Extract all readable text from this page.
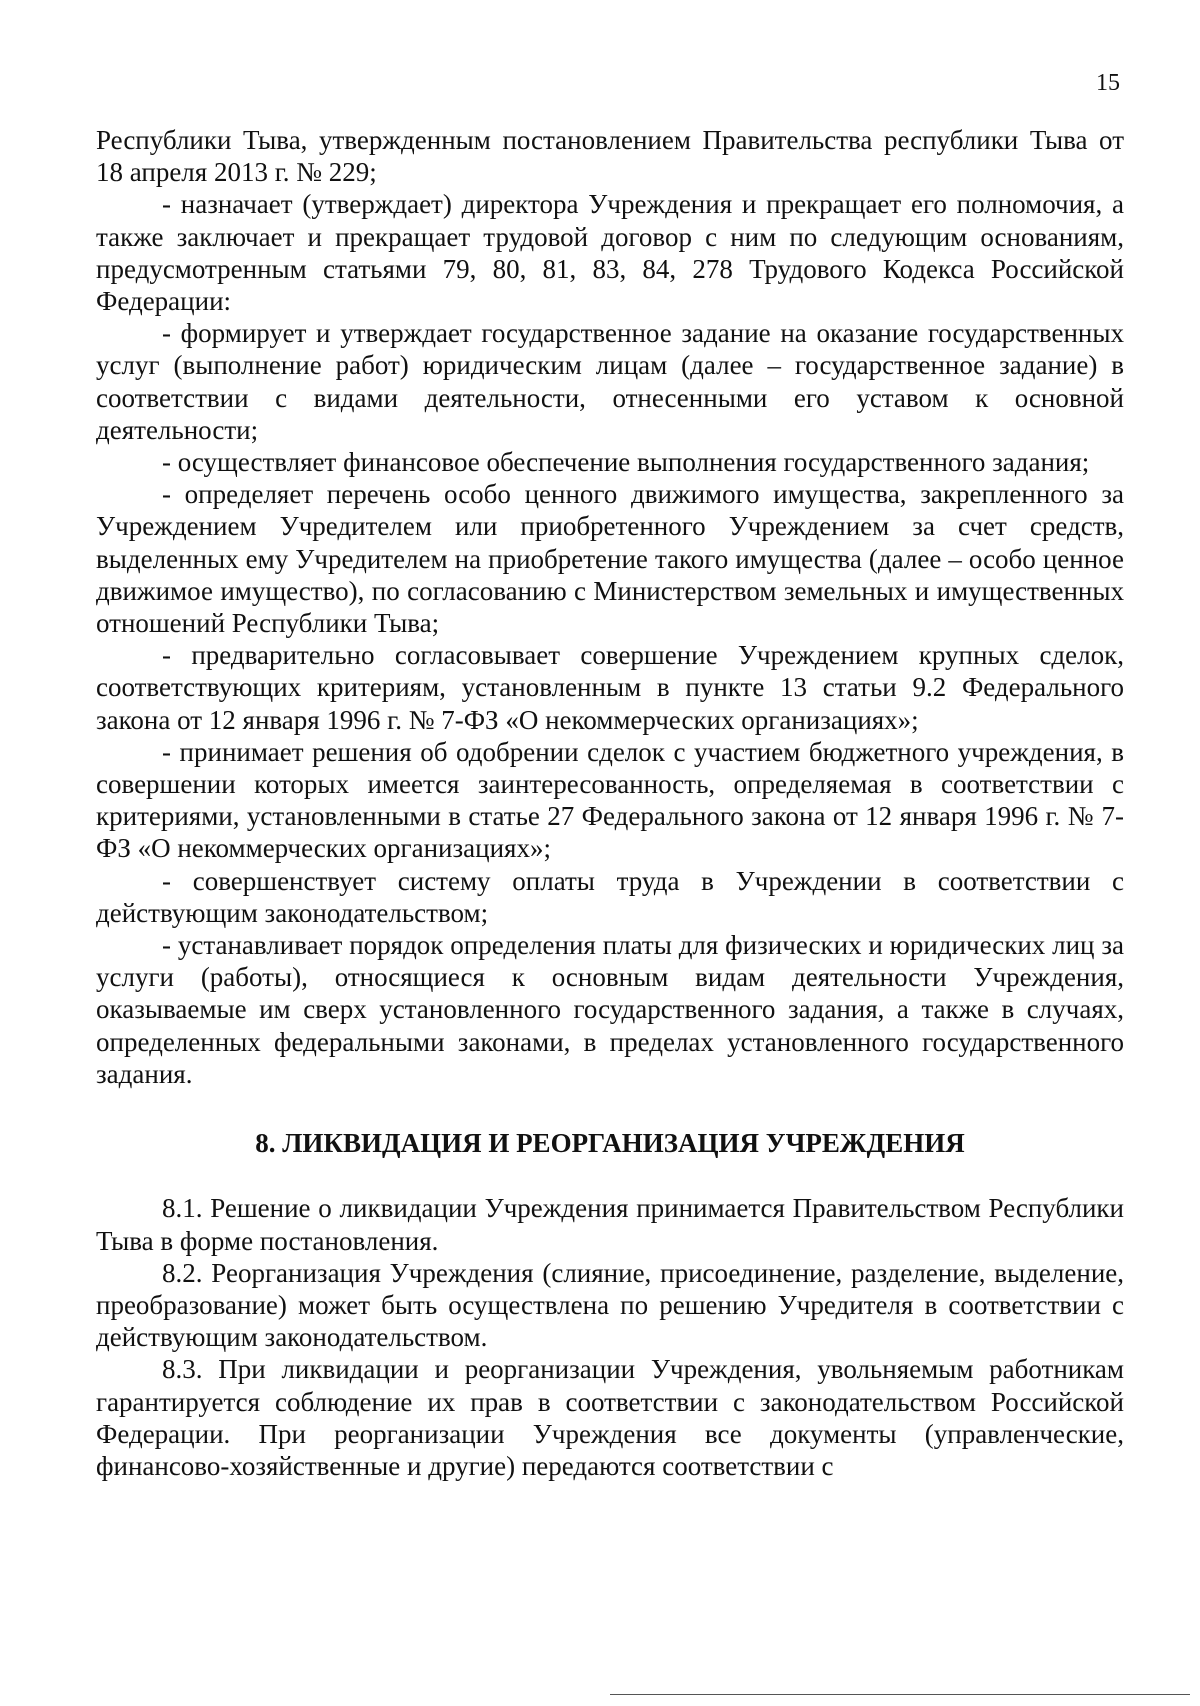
15

Республики Тыва, утвержденным постановлением Правительства республики Тыва от 18 апреля 2013 г. № 229;

- назначает (утверждает) директора Учреждения и прекращает его полномочия, а также заключает и прекращает трудовой договор с ним по следующим основаниям, предусмотренным статьями 79, 80, 81, 83, 84, 278 Трудового Кодекса Российской Федерации:

- формирует и утверждает государственное задание на оказание государственных услуг (выполнение работ) юридическим лицам (далее – государственное задание) в соответствии с видами деятельности, отнесенными его уставом к основной деятельности;

- осуществляет финансовое обеспечение выполнения государственного задания;

- определяет перечень особо ценного движимого имущества, закрепленного за Учреждением Учредителем или приобретенного Учреждением за счет средств, выделенных ему Учредителем на приобретение такого имущества (далее – особо ценное движимое имущество), по согласованию с Министерством земельных и имущественных отношений Республики Тыва;

- предварительно согласовывает совершение Учреждением крупных сделок, соответствующих критериям, установленным в пункте 13 статьи 9.2 Федерального закона от 12 января 1996 г. № 7-ФЗ «О некоммерческих организациях»;

- принимает решения об одобрении сделок с участием бюджетного учреждения, в совершении которых имеется заинтересованность, определяемая в соответствии с критериями, установленными в статье 27 Федерального закона от 12 января 1996 г. № 7-ФЗ «О некоммерческих организациях»;

- совершенствует систему оплаты труда в Учреждении в соответствии с действующим законодательством;

- устанавливает порядок определения платы для физических и юридических лиц за услуги (работы), относящиеся к основным видам деятельности Учреждения, оказываемые им сверх установленного государственного задания, а также в случаях, определенных федеральными законами, в пределах установленного государственного задания.

8. ЛИКВИДАЦИЯ И РЕОРГАНИЗАЦИЯ УЧРЕЖДЕНИЯ

8.1. Решение о ликвидации Учреждения принимается Правительством Республики Тыва в форме постановления.

8.2. Реорганизация Учреждения (слияние, присоединение, разделение, выделение, преобразование) может быть осуществлена по решению Учредителя в соответствии с действующим законодательством.

8.3. При ликвидации и реорганизации Учреждения, увольняемым работникам гарантируется соблюдение их прав в соответствии с законодательством Российской Федерации. При реорганизации Учреждения все документы (управленческие, финансово-хозяйственные и другие) передаются соответствии с
